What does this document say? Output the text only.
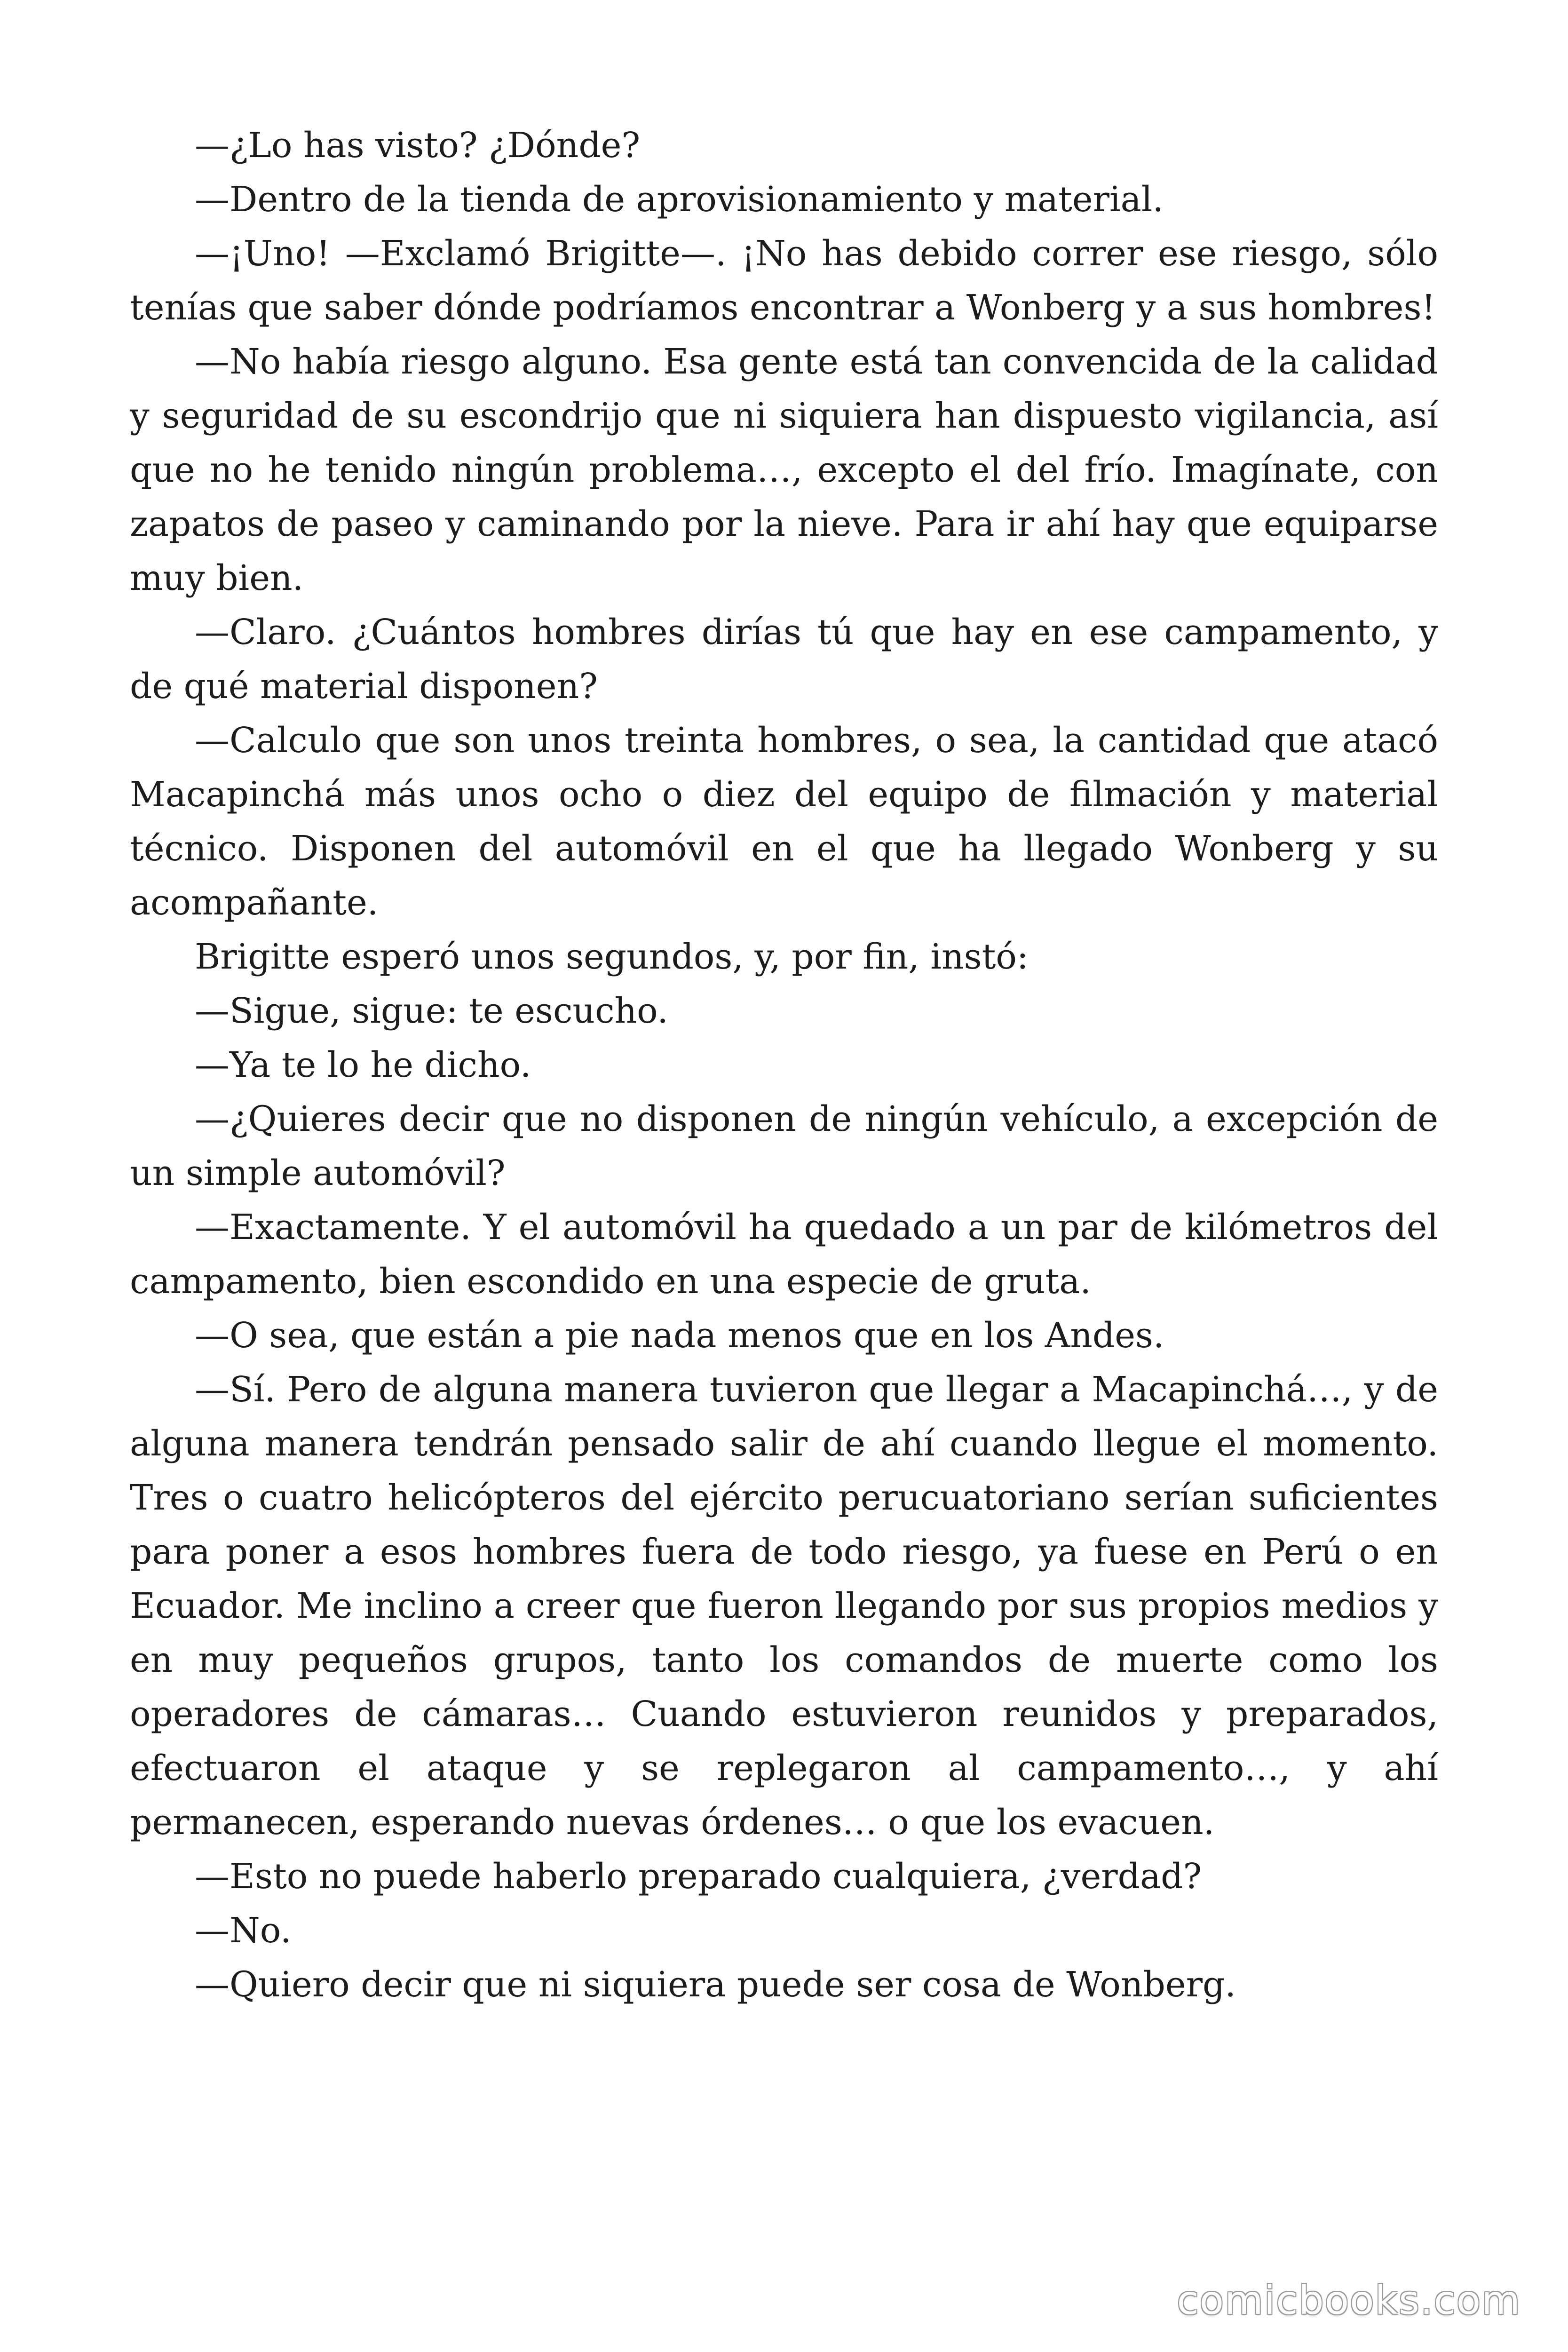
—¿Lo has visto? ¿Dónde?

—Dentro de la tienda de aprovisionamiento y material.

—¡Uno! —Exclamó Brigitte—. ¡No has debido correr ese riesgo, sólo tenías que saber dónde podríamos encontrar a Wonberg y a sus hombres!

—No había riesgo alguno. Esa gente está tan convencida de la calidad y seguridad de su escondrijo que ni siquiera han dispuesto vigilancia, así que no he tenido ningún problema…, excepto el del frío. Imagínate, con zapatos de paseo y caminando por la nieve. Para ir ahí hay que equiparse muy bien.

—Claro. ¿Cuántos hombres dirías tú que hay en ese campamento, y de qué material disponen?

—Calculo que son unos treinta hombres, o sea, la cantidad que atacó Macapinchá más unos ocho o diez del equipo de filmación y material técnico. Disponen del automóvil en el que ha llegado Wonberg y su acompañante.

Brigitte esperó unos segundos, y, por fin, instó:

—Sigue, sigue: te escucho.

—Ya te lo he dicho.

—¿Quieres decir que no disponen de ningún vehículo, a excepción de un simple automóvil?

—Exactamente. Y el automóvil ha quedado a un par de kilómetros del campamento, bien escondido en una especie de gruta.

—O sea, que están a pie nada menos que en los Andes.

—Sí. Pero de alguna manera tuvieron que llegar a Macapinchá…, y de alguna manera tendrán pensado salir de ahí cuando llegue el momento. Tres o cuatro helicópteros del ejército perucuatoriano serían suficientes para poner a esos hombres fuera de todo riesgo, ya fuese en Perú o en Ecuador. Me inclino a creer que fueron llegando por sus propios medios y en muy pequeños grupos, tanto los comandos de muerte como los operadores de cámaras… Cuando estuvieron reunidos y preparados, efectuaron el ataque y se replegaron al campamento…, y ahí permanecen, esperando nuevas órdenes… o que los evacuen.

—Esto no puede haberlo preparado cualquiera, ¿verdad?

—No.

—Quiero decir que ni siquiera puede ser cosa de Wonberg.

comicbooks.com
